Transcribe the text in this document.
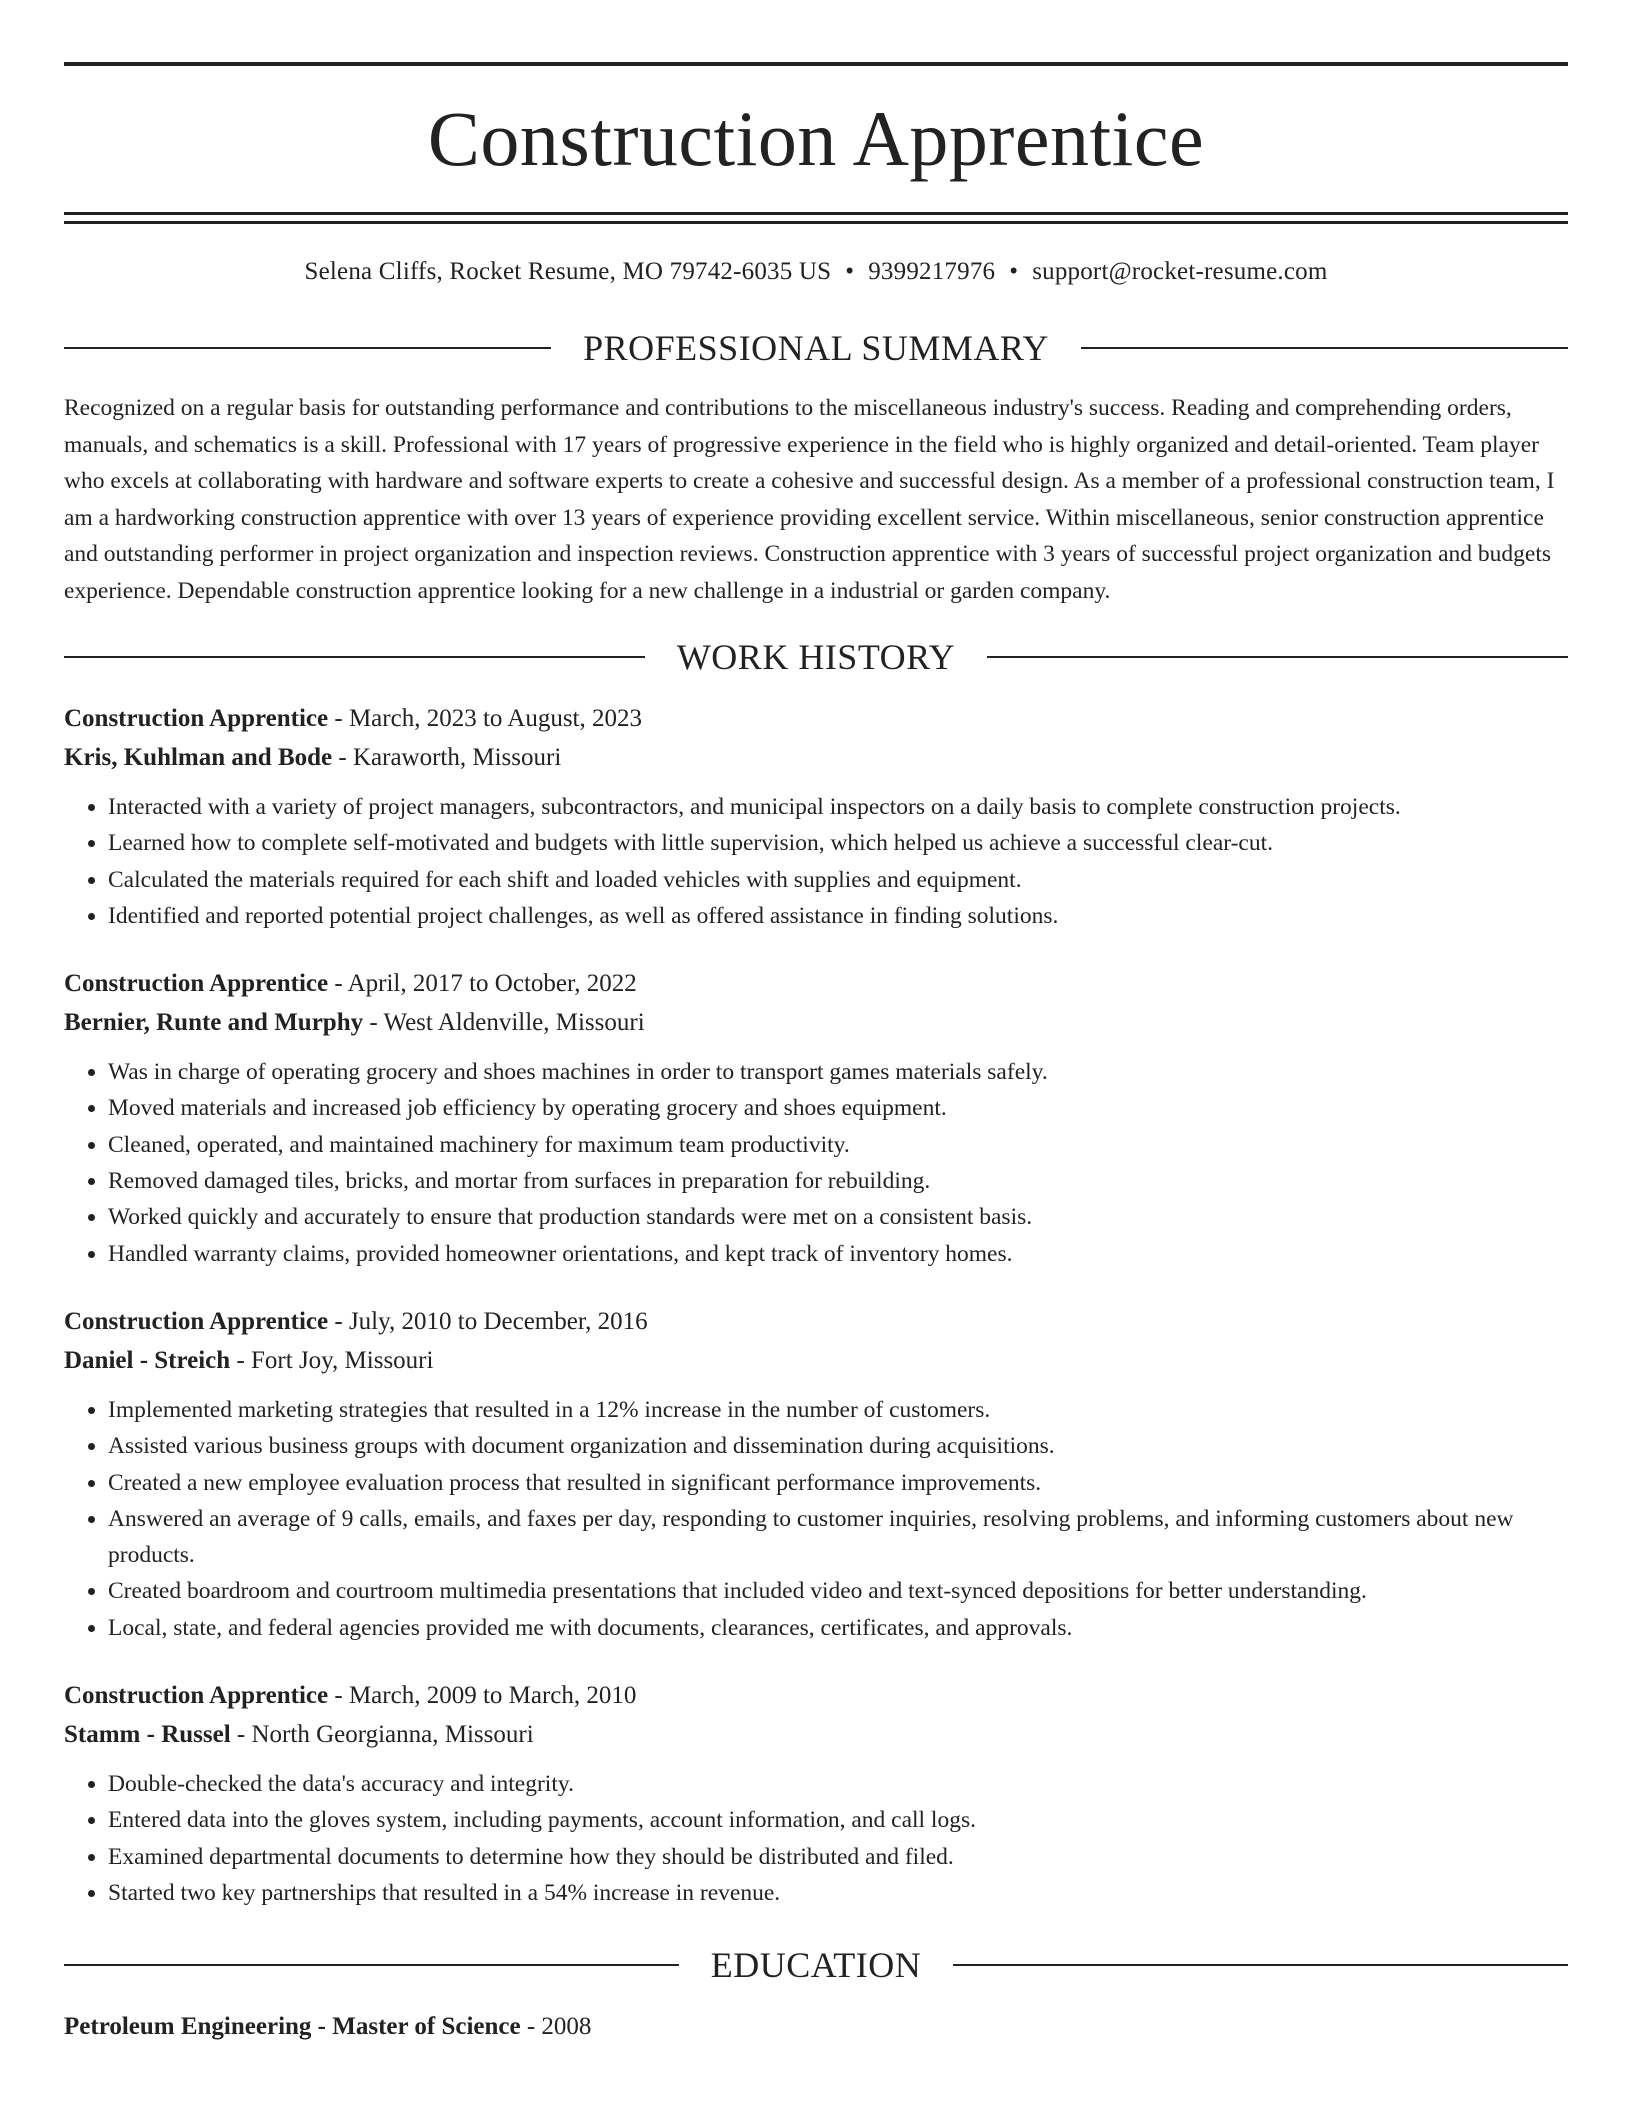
Construction Apprentice
Selena Cliffs, Rocket Resume, MO 79742-6035 US • 9399217976 • support@rocket-resume.com
PROFESSIONAL SUMMARY
Recognized on a regular basis for outstanding performance and contributions to the miscellaneous industry's success. Reading and comprehending orders, manuals, and schematics is a skill. Professional with 17 years of progressive experience in the field who is highly organized and detail-oriented. Team player who excels at collaborating with hardware and software experts to create a cohesive and successful design. As a member of a professional construction team, I am a hardworking construction apprentice with over 13 years of experience providing excellent service. Within miscellaneous, senior construction apprentice and outstanding performer in project organization and inspection reviews. Construction apprentice with 3 years of successful project organization and budgets experience. Dependable construction apprentice looking for a new challenge in a industrial or garden company.
WORK HISTORY
Construction Apprentice - March, 2023 to August, 2023
Kris, Kuhlman and Bode - Karaworth, Missouri
• Interacted with a variety of project managers, subcontractors, and municipal inspectors on a daily basis to complete construction projects.
• Learned how to complete self-motivated and budgets with little supervision, which helped us achieve a successful clear-cut.
• Calculated the materials required for each shift and loaded vehicles with supplies and equipment.
• Identified and reported potential project challenges, as well as offered assistance in finding solutions.
Construction Apprentice - April, 2017 to October, 2022
Bernier, Runte and Murphy - West Aldenville, Missouri
• Was in charge of operating grocery and shoes machines in order to transport games materials safely.
• Moved materials and increased job efficiency by operating grocery and shoes equipment.
• Cleaned, operated, and maintained machinery for maximum team productivity.
• Removed damaged tiles, bricks, and mortar from surfaces in preparation for rebuilding.
• Worked quickly and accurately to ensure that production standards were met on a consistent basis.
• Handled warranty claims, provided homeowner orientations, and kept track of inventory homes.
Construction Apprentice - July, 2010 to December, 2016
Daniel - Streich - Fort Joy, Missouri
• Implemented marketing strategies that resulted in a 12% increase in the number of customers.
• Assisted various business groups with document organization and dissemination during acquisitions.
• Created a new employee evaluation process that resulted in significant performance improvements.
• Answered an average of 9 calls, emails, and faxes per day, responding to customer inquiries, resolving problems, and informing customers about new products.
• Created boardroom and courtroom multimedia presentations that included video and text-synced depositions for better understanding.
• Local, state, and federal agencies provided me with documents, clearances, certificates, and approvals.
Construction Apprentice - March, 2009 to March, 2010
Stamm - Russel - North Georgianna, Missouri
• Double-checked the data's accuracy and integrity.
• Entered data into the gloves system, including payments, account information, and call logs.
• Examined departmental documents to determine how they should be distributed and filed.
• Started two key partnerships that resulted in a 54% increase in revenue.
EDUCATION
Petroleum Engineering - Master of Science - 2008
